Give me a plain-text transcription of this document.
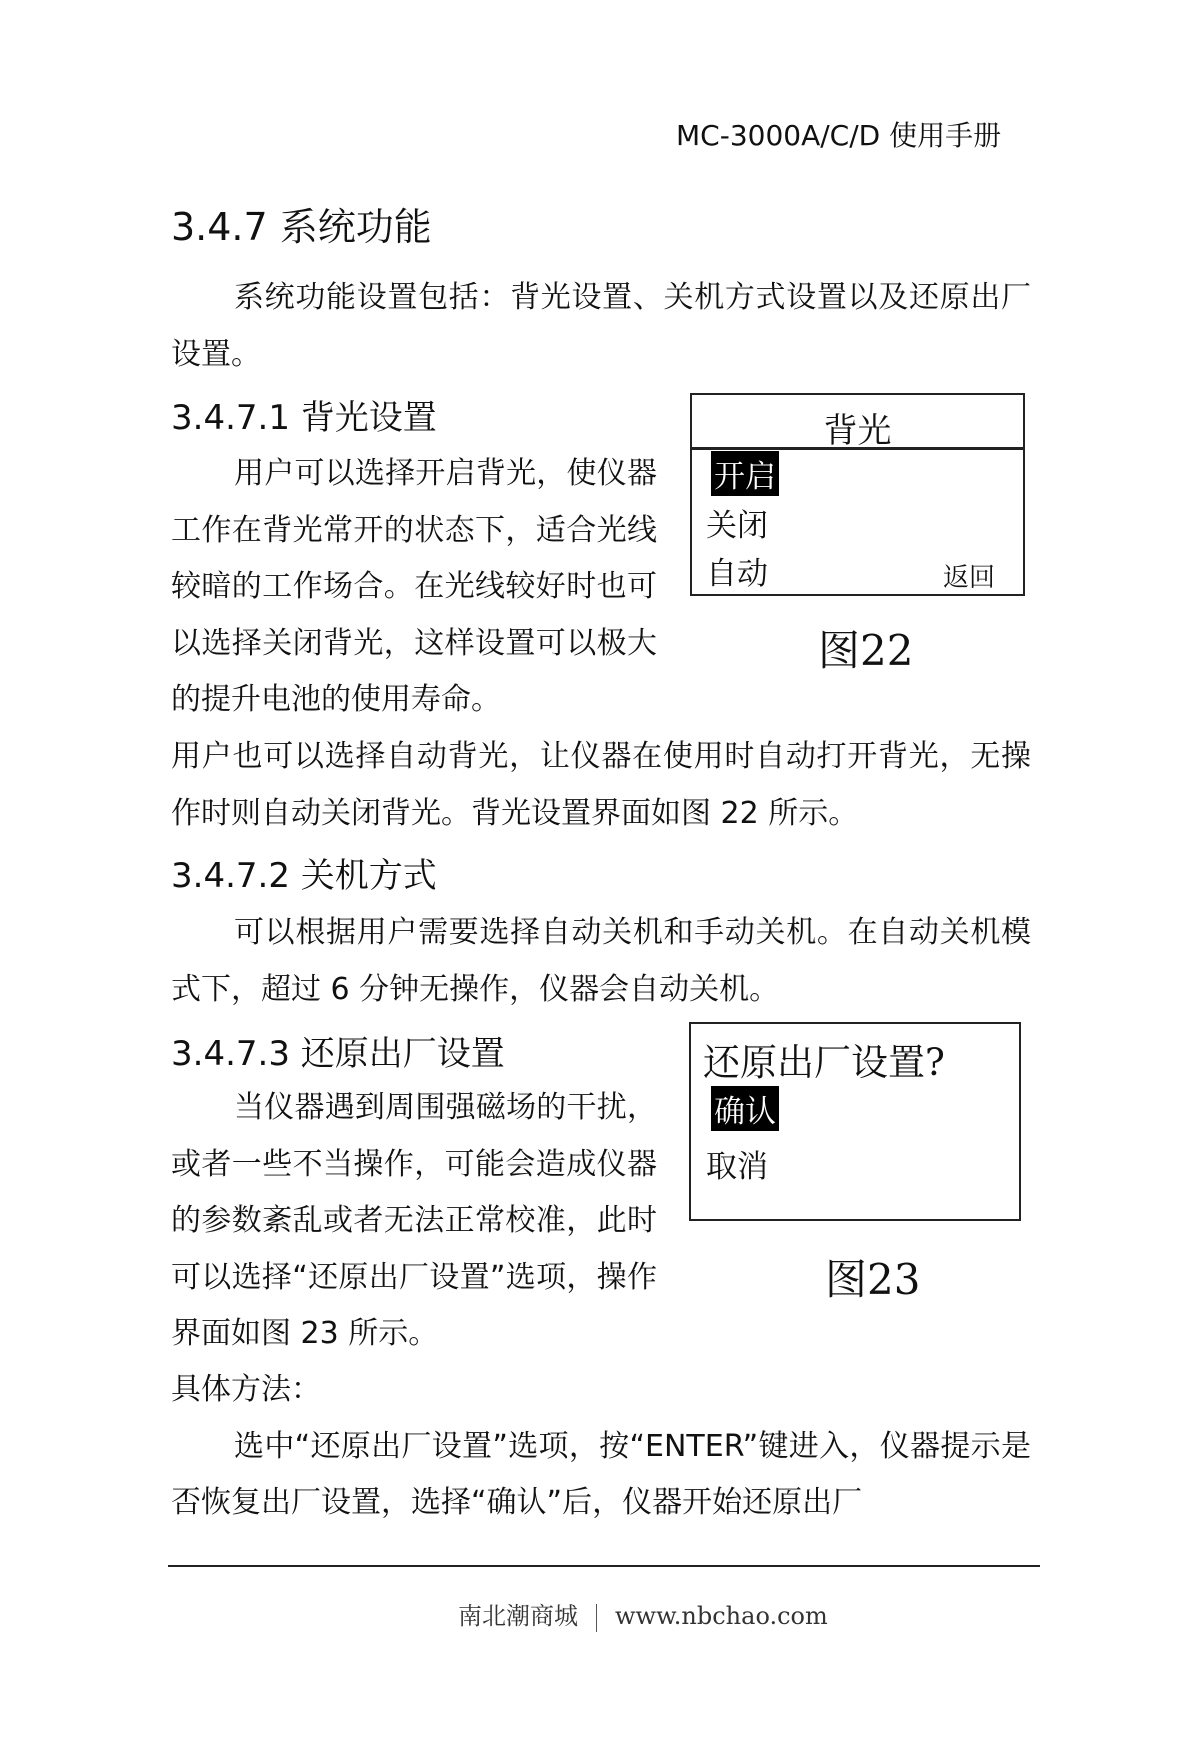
MC-3000A/C/D 使用手册
3.4.7 系统功能

系统功能设置包括：背光设置、关机方式设置以及还原出厂设置。

3.4.7.1 背光设置

用户可以选择开启背光，使仪器工作在背光常开的状态下，适合光线较暗的工作场合。在光线较好时也可以选择关闭背光，这样设置可以极大的提升电池的使用寿命。

用户也可以选择自动背光，让仪器在使用时自动打开背光，无操作时则自动关闭背光。背光设置界面如图 22 所示。

背光
开启
关闭
自动	返回
图22
3.4.7.2 关机方式

可以根据用户需要选择自动关机和手动关机。在自动关机模式下，超过 6 分钟无操作，仪器会自动关机。

3.4.7.3 还原出厂设置

当仪器遇到周围强磁场的干扰，或者一些不当操作，可能会造成仪器的参数紊乱或者无法正常校准，此时可以选择“还原出厂设置”选项，操作界面如图 23 所示。

具体方法：

选中“还原出厂设置”选项，按“ENTER”键进入，仪器提示是否恢复出厂设置，选择“确认”后，仪器开始还原出厂

还原出厂设置?
确认
取消
图23
南北潮商城 www.nbchao.com
